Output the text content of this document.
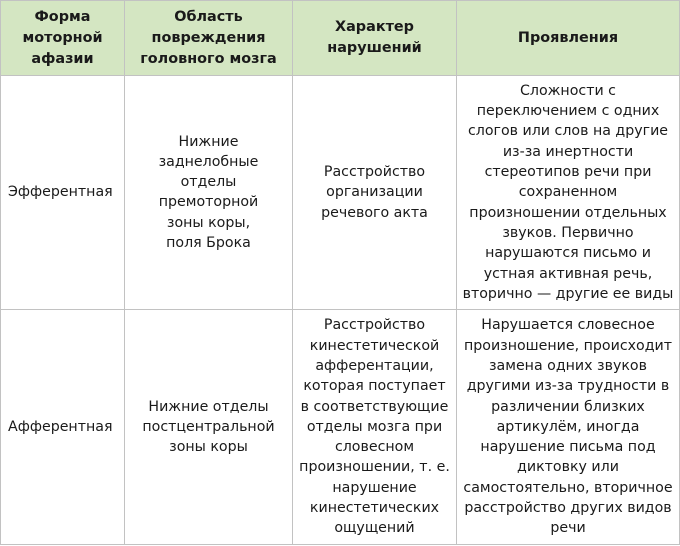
Форма моторной афазии	Область повреждения головного мозга	Характер нарушений	Проявления
Эфферентная	Нижние заднелобные отделы премоторной зоны коры, поля Брока	Расстройство организации речевого акта	Сложности с переключением с одних слогов или слов на другие из-за инертности стереотипов речи при сохраненном произношении отдельных звуков. Первично нарушаются письмо и устная активная речь, вторично — другие ее виды

Афферентная	Нижние отделы постцентральной зоны коры	Расстройство кинестетической афферентации, которая поступает в соответствующие отделы мозга при словесном произношении, т. е. нарушение кинестетических ощущений	Нарушается словесное произношение, происходит замена одних звуков другими из-за трудности в различении близких артикулём, иногда нарушение письма под диктовку или самостоятельно, вторичное расстройство других видов речи
